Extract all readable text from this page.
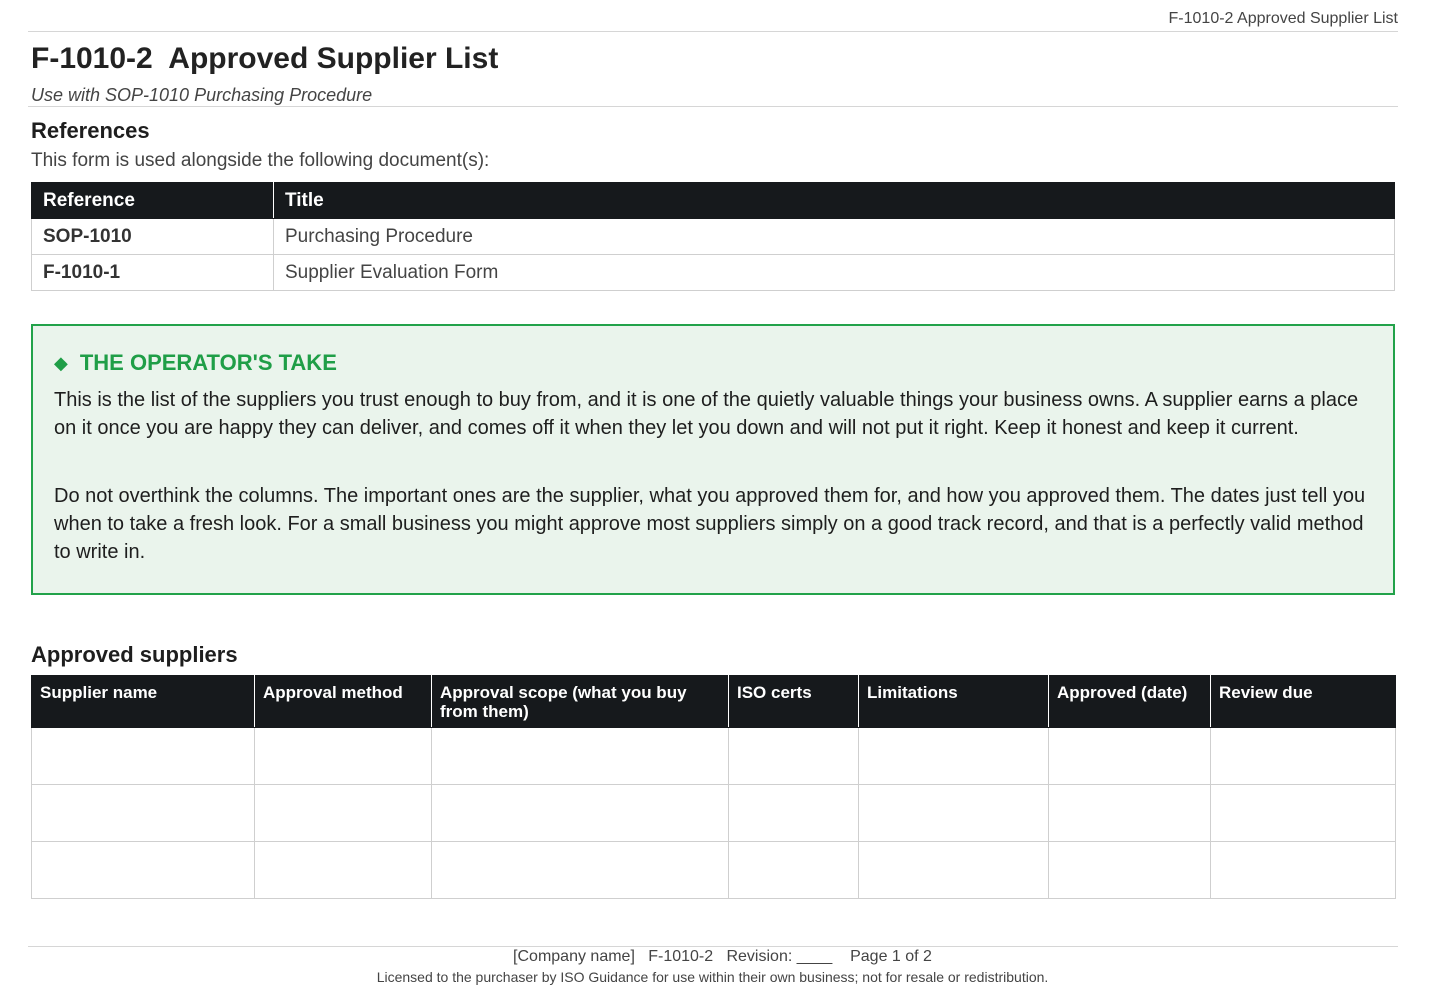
F-1010-2 Approved Supplier List
F-1010-2  Approved Supplier List
Use with SOP-1010 Purchasing Procedure
References
This form is used alongside the following document(s):
Reference	Title
SOP-1010	Purchasing Procedure
F-1010-1	Supplier Evaluation Form
◆ THE OPERATOR'S TAKE

This is the list of the suppliers you trust enough to buy from, and it is one of the quietly valuable things your business owns. A supplier earns a place on it once you are happy they can deliver, and comes off it when they let you down and will not put it right. Keep it honest and keep it current.

Do not overthink the columns. The important ones are the supplier, what you approved them for, and how you approved them. The dates just tell you when to take a fresh look. For a small business you might approve most suppliers simply on a good track record, and that is a perfectly valid method to write in.

Approved suppliers
Supplier name	Approval method	Approval scope (what you buy from them)	ISO certs	Limitations	Approved (date)	Review due

[Company name]   F-1010-2   Revision: ____    Page 1 of 2
Licensed to the purchaser by ISO Guidance for use within their own business; not for resale or redistribution.
